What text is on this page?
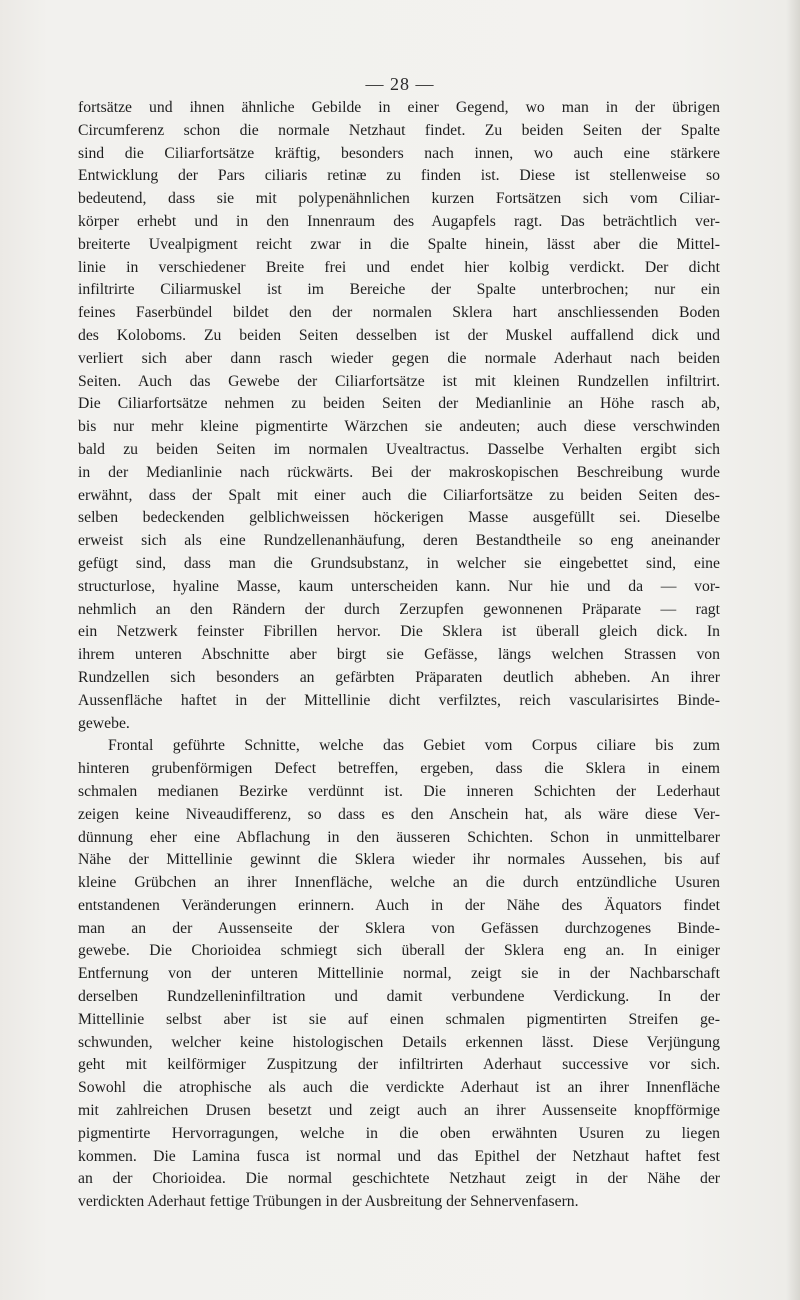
— 28 —
fortsätze und ihnen ähnliche Gebilde in einer Gegend, wo man in der übrigen
Circumferenz schon die normale Netzhaut findet. Zu beiden Seiten der Spalte
sind die Ciliarfortsätze kräftig, besonders nach innen, wo auch eine stärkere
Entwicklung der Pars ciliaris retinæ zu finden ist. Diese ist stellenweise so
bedeutend, dass sie mit polypenähnlichen kurzen Fortsätzen sich vom Ciliar-
körper erhebt und in den Innenraum des Augapfels ragt. Das beträchtlich ver-
breiterte Uvealpigment reicht zwar in die Spalte hinein, lässt aber die Mittel-
linie in verschiedener Breite frei und endet hier kolbig verdickt. Der dicht
infiltrirte Ciliarmuskel ist im Bereiche der Spalte unterbrochen; nur ein
feines Faserbündel bildet den der normalen Sklera hart anschliessenden Boden
des Koloboms. Zu beiden Seiten desselben ist der Muskel auffallend dick und
verliert sich aber dann rasch wieder gegen die normale Aderhaut nach beiden
Seiten. Auch das Gewebe der Ciliarfortsätze ist mit kleinen Rundzellen infiltrirt.
Die Ciliarfortsätze nehmen zu beiden Seiten der Medianlinie an Höhe rasch ab,
bis nur mehr kleine pigmentirte Wärzchen sie andeuten; auch diese verschwinden
bald zu beiden Seiten im normalen Uvealtractus. Dasselbe Verhalten ergibt sich
in der Medianlinie nach rückwärts. Bei der makroskopischen Beschreibung wurde
erwähnt, dass der Spalt mit einer auch die Ciliarfortsätze zu beiden Seiten des-
selben bedeckenden gelblichweissen höckerigen Masse ausgefüllt sei. Dieselbe
erweist sich als eine Rundzellenanhäufung, deren Bestandtheile so eng aneinander
gefügt sind, dass man die Grundsubstanz, in welcher sie eingebettet sind, eine
structurlose, hyaline Masse, kaum unterscheiden kann. Nur hie und da — vor-
nehmlich an den Rändern der durch Zerzupfen gewonnenen Präparate — ragt
ein Netzwerk feinster Fibrillen hervor. Die Sklera ist überall gleich dick. In
ihrem unteren Abschnitte aber birgt sie Gefässe, längs welchen Strassen von
Rundzellen sich besonders an gefärbten Präparaten deutlich abheben. An ihrer
Aussenfläche haftet in der Mittellinie dicht verfilztes, reich vascularisirtes Binde-
gewebe.
Frontal geführte Schnitte, welche das Gebiet vom Corpus ciliare bis zum
hinteren grubenförmigen Defect betreffen, ergeben, dass die Sklera in einem
schmalen medianen Bezirke verdünnt ist. Die inneren Schichten der Lederhaut
zeigen keine Niveaudifferenz, so dass es den Anschein hat, als wäre diese Ver-
dünnung eher eine Abflachung in den äusseren Schichten. Schon in unmittelbarer
Nähe der Mittellinie gewinnt die Sklera wieder ihr normales Aussehen, bis auf
kleine Grübchen an ihrer Innenfläche, welche an die durch entzündliche Usuren
entstandenen Veränderungen erinnern. Auch in der Nähe des Äquators findet
man an der Aussenseite der Sklera von Gefässen durchzogenes Binde-
gewebe. Die Chorioidea schmiegt sich überall der Sklera eng an. In einiger
Entfernung von der unteren Mittellinie normal, zeigt sie in der Nachbarschaft
derselben Rundzelleninfiltration und damit verbundene Verdickung. In der
Mittellinie selbst aber ist sie auf einen schmalen pigmentirten Streifen ge-
schwunden, welcher keine histologischen Details erkennen lässt. Diese Verjüngung
geht mit keilförmiger Zuspitzung der infiltrirten Aderhaut successive vor sich.
Sowohl die atrophische als auch die verdickte Aderhaut ist an ihrer Innenfläche
mit zahlreichen Drusen besetzt und zeigt auch an ihrer Aussenseite knopfförmige
pigmentirte Hervorragungen, welche in die oben erwähnten Usuren zu liegen
kommen. Die Lamina fusca ist normal und das Epithel der Netzhaut haftet fest
an der Chorioidea. Die normal geschichtete Netzhaut zeigt in der Nähe der
verdickten Aderhaut fettige Trübungen in der Ausbreitung der Sehnervenfasern.
